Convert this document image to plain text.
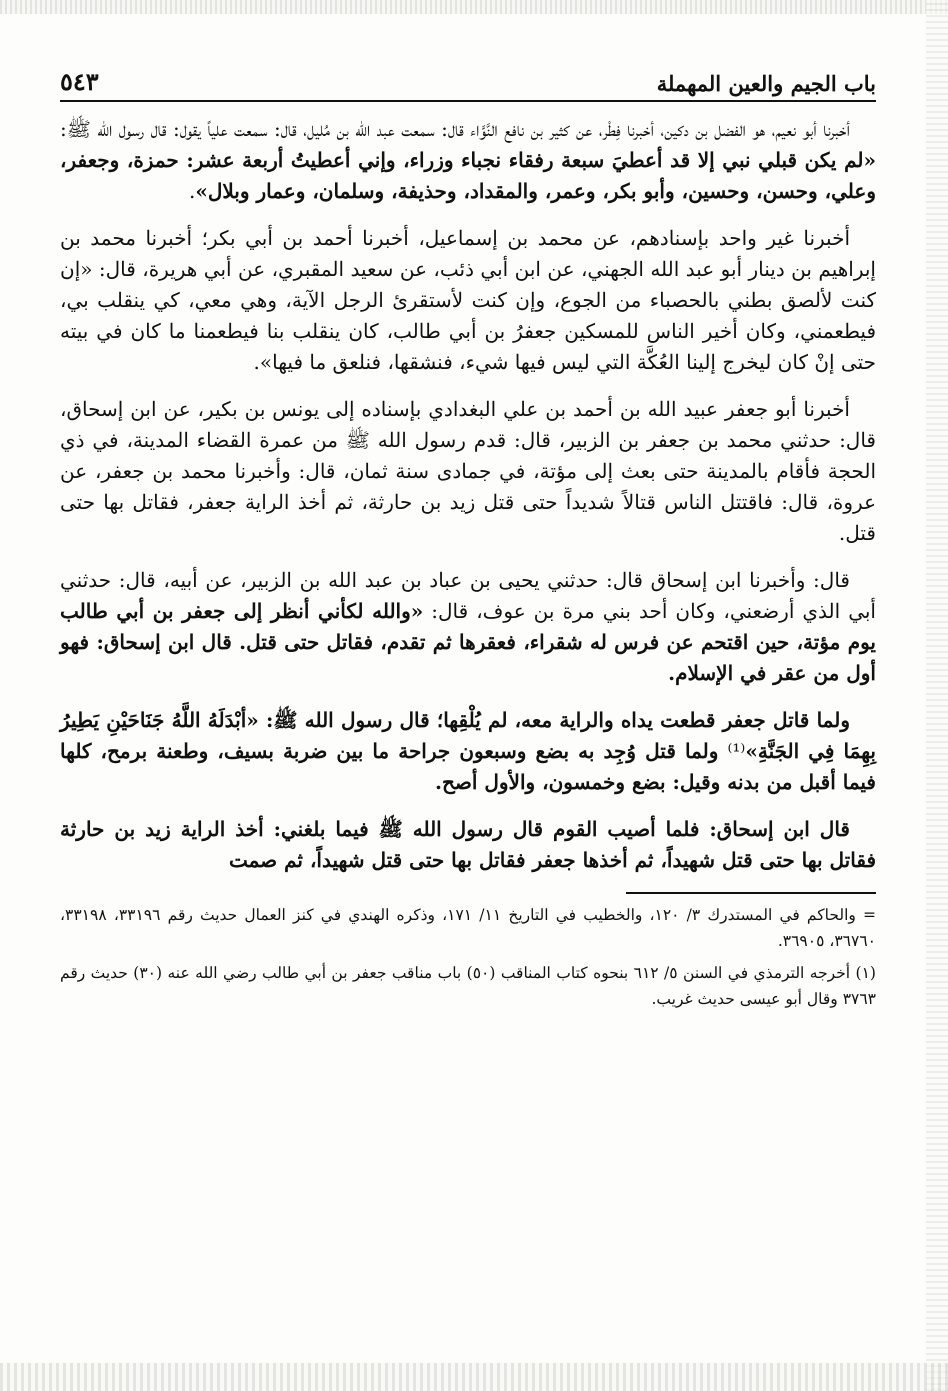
باب الجيم والعين المهملة
٥٤٣

أخبرنا أبو نعيم، هو الفضل بن دكين، أخبرنا فِطْر، عن كثير بن نافع النَّوَّاء قال: سمعت عبد الله بن مُليل، قال: سمعت علياً يقول: قال رسول الله ﷺ: «لم يكن قبلي نبي إلا قد أعطيَ سبعة رفقاء نجباء وزراء، وإني أعطيتُ أربعة عشر: حمزة، وجعفر، وعلي، وحسن، وحسين، وأبو بكر، وعمر، والمقداد، وحذيفة، وسلمان، وعمار وبلال».

أخبرنا غير واحد بإسنادهم، عن محمد بن إسماعيل، أخبرنا أحمد بن أبي بكر؛ أخبرنا محمد بن إبراهيم بن دينار أبو عبد الله الجهني، عن ابن أبي ذئب، عن سعيد المقبري، عن أبي هريرة، قال: «إن كنت لألصق بطني بالحصباء من الجوع، وإن كنت لأستقرئ الرجل الآية، وهي معي، كي ينقلب بي، فيطعمني، وكان أخير الناس للمسكين جعفرُ بن أبي طالب، كان ينقلب بنا فيطعمنا ما كان في بيته حتى إنْ كان ليخرج إلينا العُكَّة التي ليس فيها شيء، فنشقها، فنلعق ما فيها».

أخبرنا أبو جعفر عبيد الله بن أحمد بن علي البغدادي بإسناده إلى يونس بن بكير، عن ابن إسحاق، قال: حدثني محمد بن جعفر بن الزبير، قال: قدم رسول الله ﷺ من عمرة القضاء المدينة، في ذي الحجة فأقام بالمدينة حتى بعث إلى مؤتة، في جمادى سنة ثمان، قال: وأخبرنا محمد بن جعفر، عن عروة، قال: فاقتتل الناس قتالاً شديداً حتى قتل زيد بن حارثة، ثم أخذ الراية جعفر، فقاتل بها حتى قتل.

قال: وأخبرنا ابن إسحاق قال: حدثني يحيى بن عباد بن عبد الله بن الزبير، عن أبيه، قال: حدثني أبي الذي أرضعني، وكان أحد بني مرة بن عوف، قال: «والله لكأني أنظر إلى جعفر بن أبي طالب يوم مؤتة، حين اقتحم عن فرس له شقراء، فعقرها ثم تقدم، فقاتل حتى قتل. قال ابن إسحاق: فهو أول من عقر في الإسلام.

ولما قاتل جعفر قطعت يداه والراية معه، لم يُلْقِها؛ قال رسول الله ﷺ: «أبْدَلَهُ اللَّهُ جَنَاحَيْنِ يَطِيرُ بِهِمَا فِي الجَنَّةِ»⁽¹⁾ ولما قتل وُجِد به بضع وسبعون جراحة ما بين ضربة بسيف، وطعنة برمح، كلها فيما أقبل من بدنه وقيل: بضع وخمسون، والأول أصح.

قال ابن إسحاق: فلما أصيب القوم قال رسول الله ﷺ فيما بلغني: أخذ الراية زيد بن حارثة فقاتل بها حتى قتل شهيداً، ثم أخذها جعفر فقاتل بها حتى قتل شهيداً، ثم صمت

= والحاكم في المستدرك ٣/ ١٢٠، والخطيب في التاريخ ١١/ ١٧١، وذكره الهندي في كنز العمال حديث رقم ٣٣١٩٦، ٣٣١٩٨، ٣٦٧٦٠، ٣٦٩٠٥.

(١) أخرجه الترمذي في السنن ٥/ ٦١٢ بنحوه كتاب المناقب (٥٠) باب مناقب جعفر بن أبي طالب رضي الله عنه (٣٠) حديث رقم ٣٧٦٣ وقال أبو عيسى حديث غريب.
